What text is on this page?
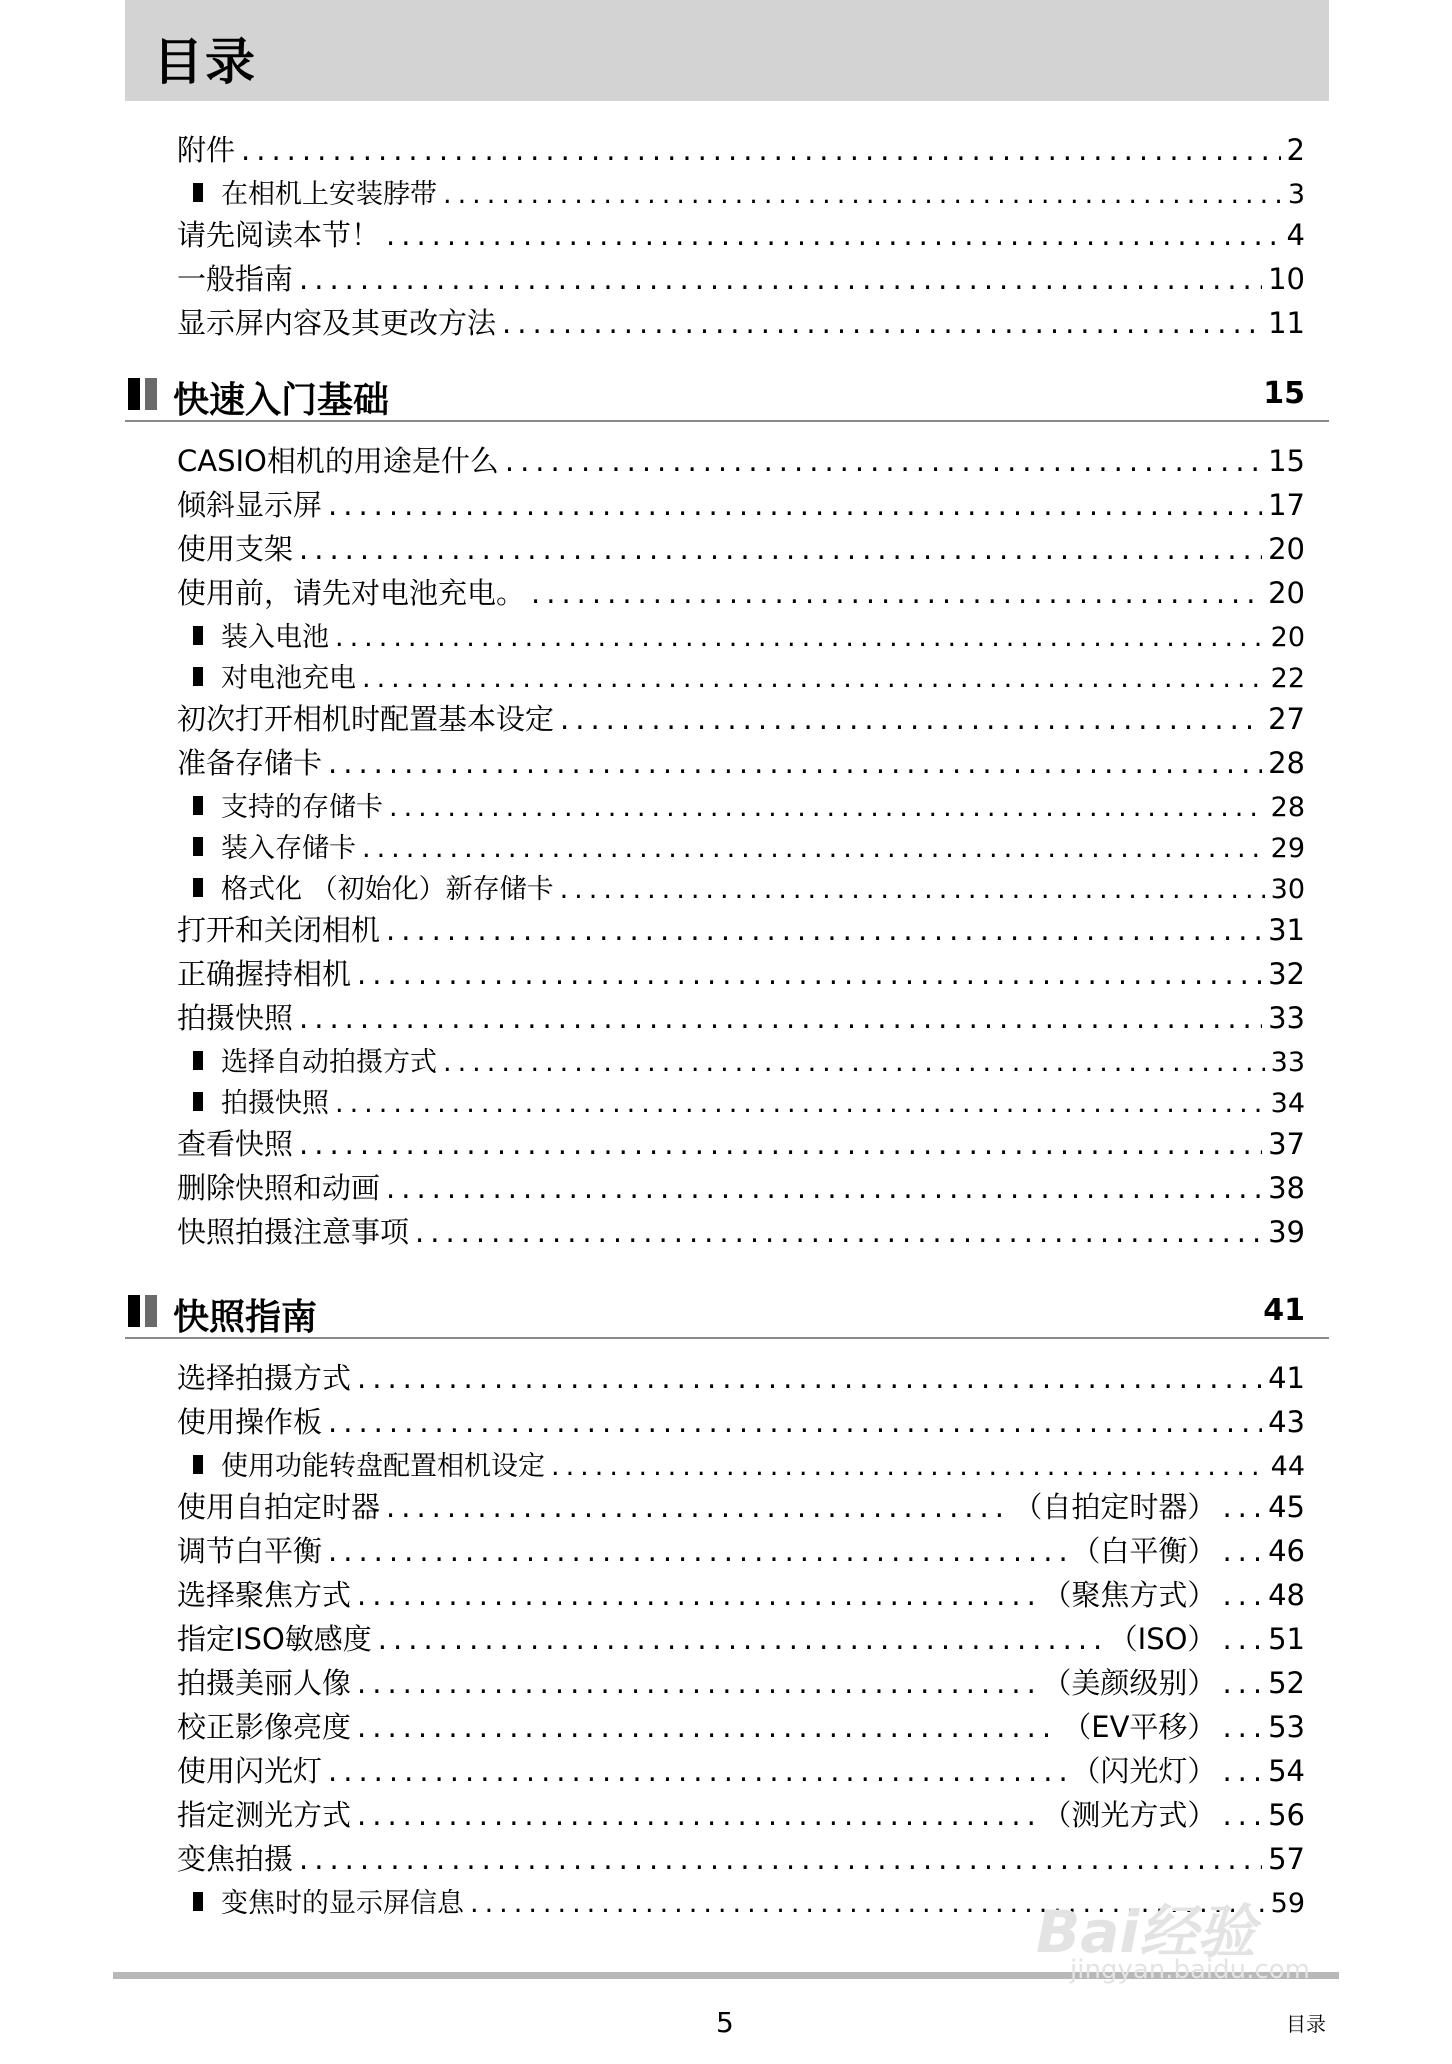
目录
附件 .....	2
在相机上安装脖带 .....	3
请先阅读本节！ .....	4
一般指南 .....	10
显示屏内容及其更改方法 .....	11
快速入门基础	15
CASIO相机的用途是什么 .....	15
倾斜显示屏 .....	17
使用支架 .....	20
使用前，请先对电池充电。 .....	20
装入电池 .....	20
对电池充电 .....	22
初次打开相机时配置基本设定 .....	27
准备存储卡 .....	28
支持的存储卡 .....	28
装入存储卡 .....	29
格式化 （初始化）新存储卡 .....	30
打开和关闭相机 .....	31
正确握持相机 .....	32
拍摄快照 .....	33
选择自动拍摄方式 .....	33
拍摄快照 .....	34
查看快照 .....	37
删除快照和动画 .....	38
快照拍摄注意事项 .....	39
快照指南	41
选择拍摄方式 .....	41
使用操作板 .....	43
使用功能转盘配置相机设定 .....	44
使用自拍定时器 .....	（自拍定时器） ... 45
调节白平衡 .....	（白平衡） ... 46
选择聚焦方式 .....	（聚焦方式） ... 48
指定ISO敏感度 .....	（ISO） ... 51
拍摄美丽人像 .....	（美颜级别） ... 52
校正影像亮度 .....	（EV平移） ... 53
使用闪光灯 .....	（闪光灯） ... 54
指定测光方式 .....	（测光方式） ... 56
变焦拍摄 .....	57
变焦时的显示屏信息 .....	59
5	目录
Bai经验
jingyan.baidu.com
